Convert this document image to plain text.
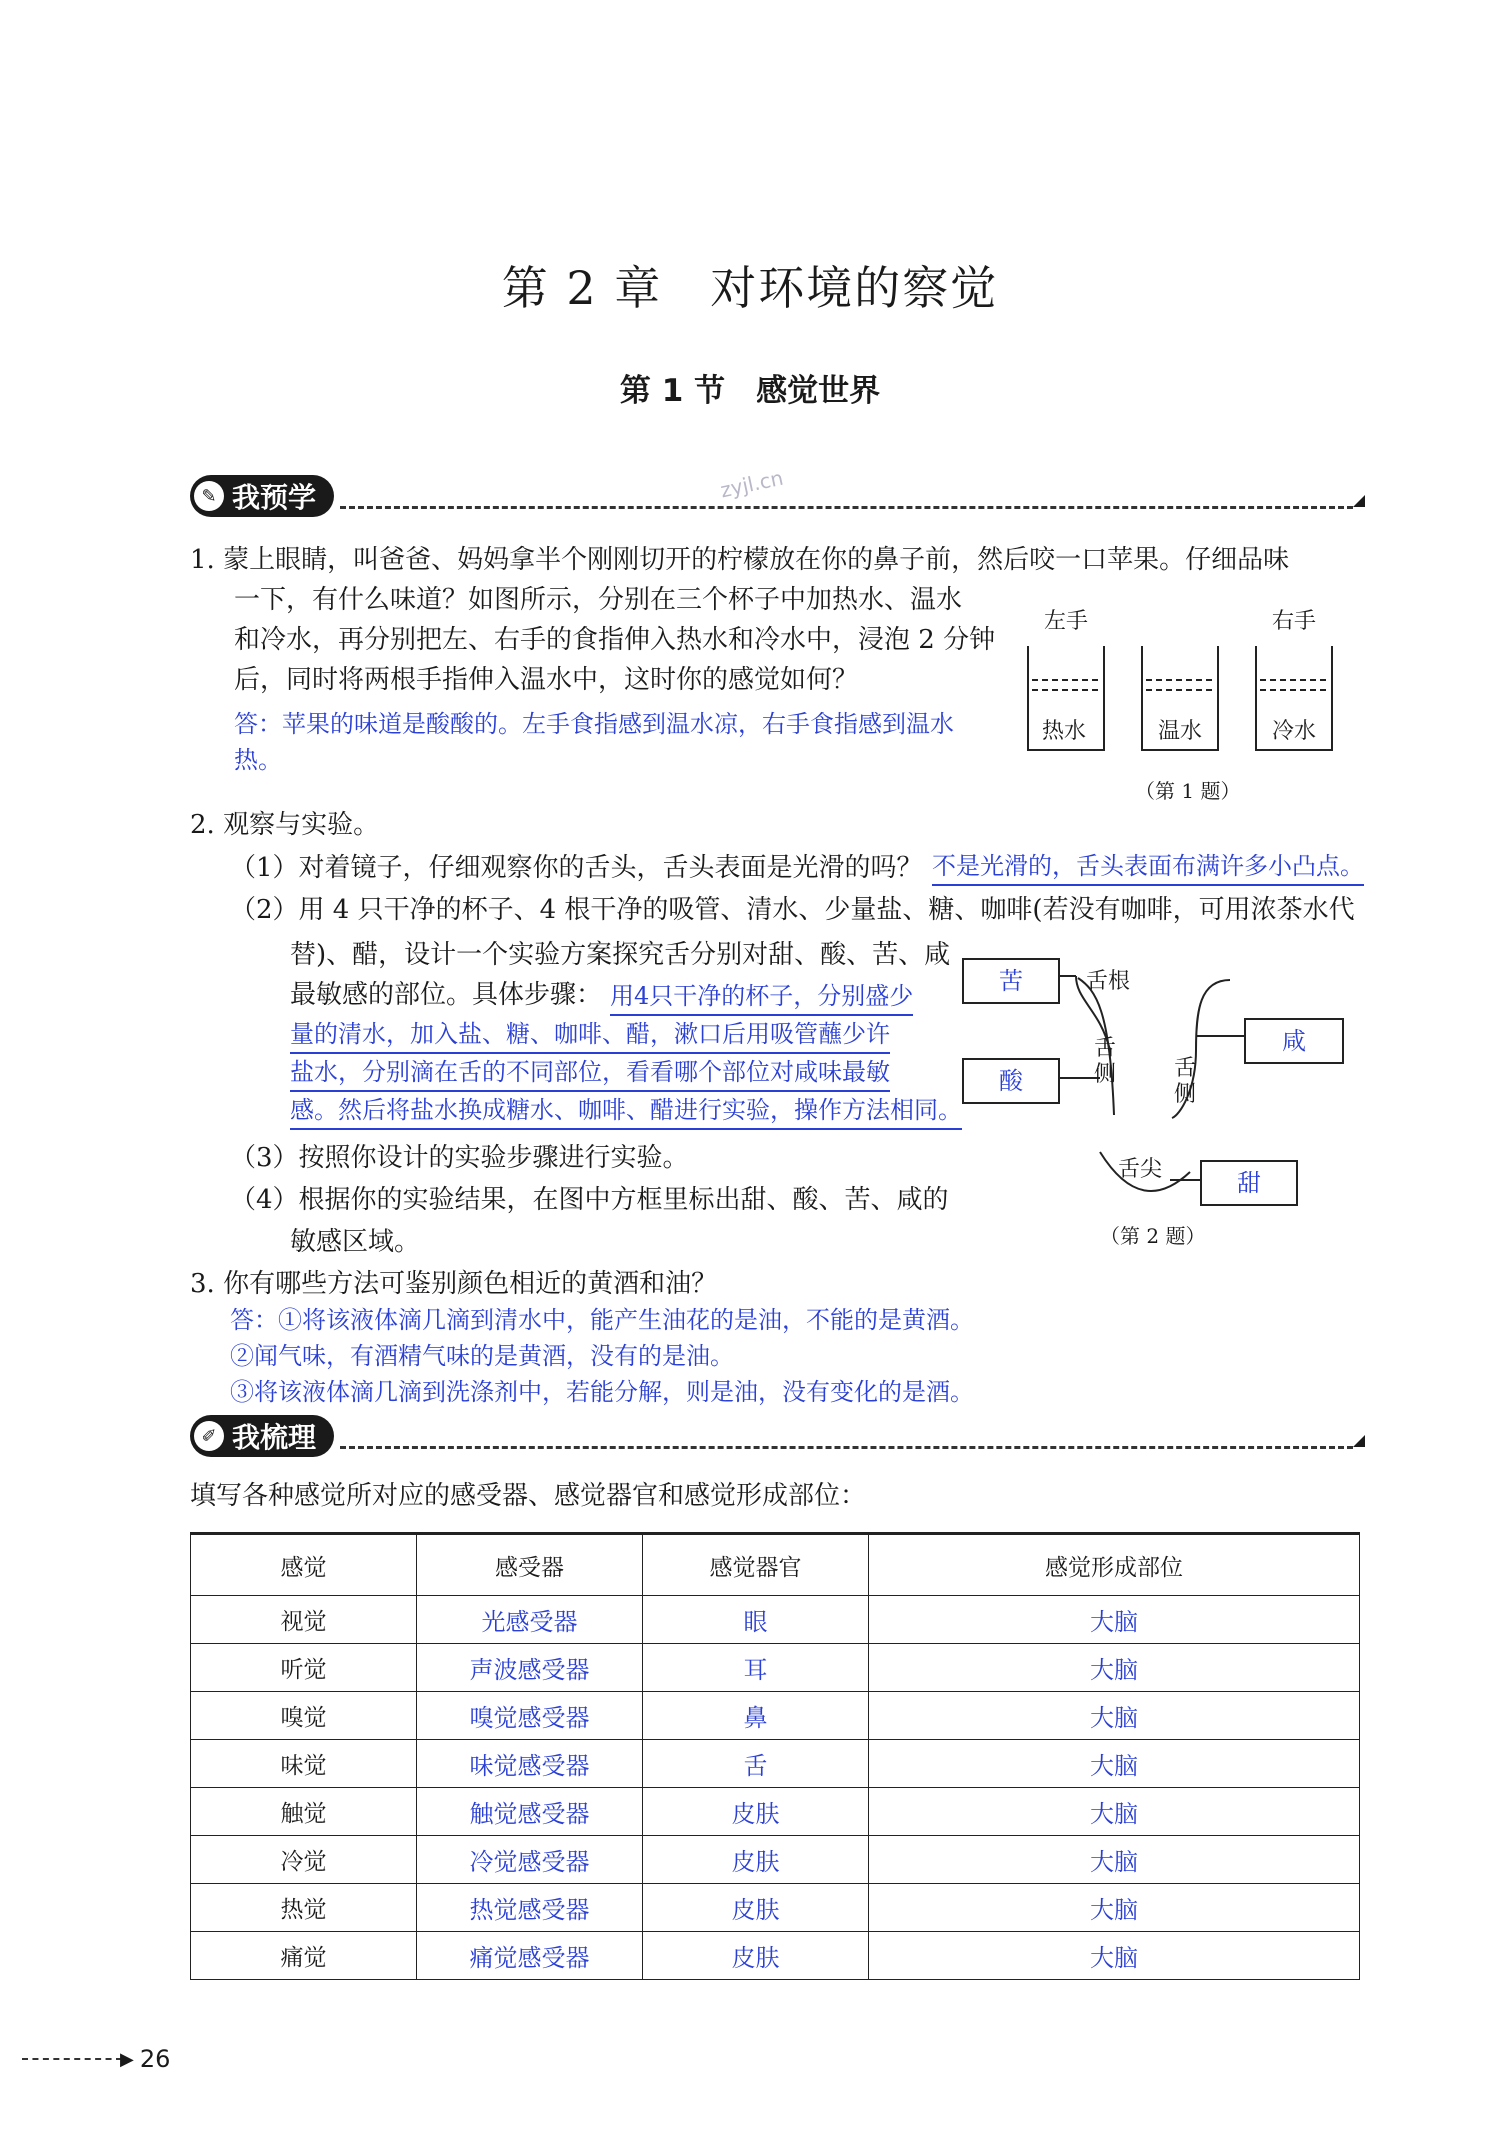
第 2 章　对环境的察觉
第 1 节　感觉世界
✎ 我预学	zyjl.cn
1. 蒙上眼睛，叫爸爸、妈妈拿半个刚刚切开的柠檬放在你的鼻子前，然后咬一口苹果。仔细品味
一下，有什么味道？如图所示，分别在三个杯子中加热水、温水
和冷水，再分别把左、右手的食指伸入热水和冷水中，浸泡 2 分钟
后，同时将两根手指伸入温水中，这时你的感觉如何？
答：苹果的味道是酸酸的。左手食指感到温水凉，右手食指感到温水
热。
左手	右手
热水	温水	冷水
（第 1 题）
2. 观察与实验。
（1）对着镜子，仔细观察你的舌头，舌头表面是光滑的吗？ 不是光滑的，舌头表面布满许多小凸点。
（2）用 4 只干净的杯子、4 根干净的吸管、清水、少量盐、糖、咖啡(若没有咖啡，可用浓茶水代
替)、醋，设计一个实验方案探究舌分别对甜、酸、苦、咸
最敏感的部位。具体步骤： 用4只干净的杯子，分别盛少
量的清水，加入盐、糖、咖啡、醋，漱口后用吸管蘸少许
盐水，分别滴在舌的不同部位，看看哪个部位对咸味最敏
感。然后将盐水换成糖水、咖啡、醋进行实验，操作方法相同。
（3）按照你设计的实验步骤进行实验。
（4）根据你的实验结果，在图中方框里标出甜、酸、苦、咸的
敏感区域。
苦	舌根
咸
舌侧	舌侧
酸
舌尖	甜
（第 2 题）
3. 你有哪些方法可鉴别颜色相近的黄酒和油？
答：①将该液体滴几滴到清水中，能产生油花的是油，不能的是黄酒。
②闻气味，有酒精气味的是黄酒，没有的是油。
③将该液体滴几滴到洗涤剂中，若能分解，则是油，没有变化的是酒。
✐ 我梳理
填写各种感觉所对应的感受器、感觉器官和感觉形成部位：
感觉	感受器	感觉器官	感觉形成部位
视觉	光感受器	眼	大脑
听觉	声波感受器	耳	大脑
嗅觉	嗅觉感受器	鼻	大脑
味觉	味觉感受器	舌	大脑
触觉	触觉感受器	皮肤	大脑
冷觉	冷觉感受器	皮肤	大脑
热觉	热觉感受器	皮肤	大脑
痛觉	痛觉感受器	皮肤	大脑
▶ 26
